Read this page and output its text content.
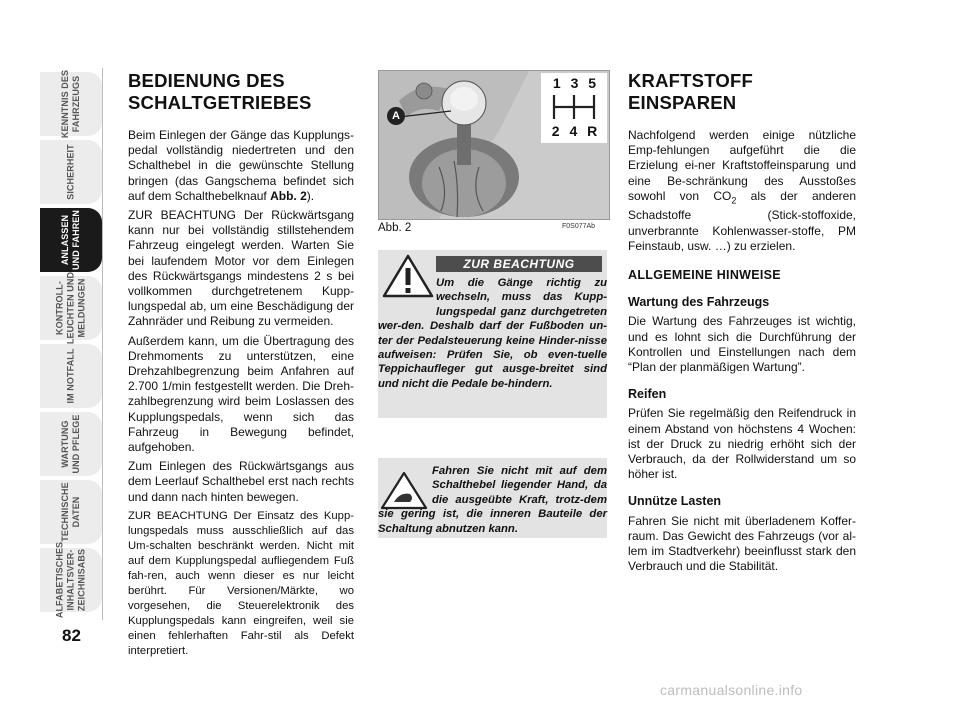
KENNTNIS DES
FAHRZEUGS
SICHERHEIT
ANLASSEN
UND FAHREN
KONTROLL-
LEUCHTEN UND
MELDUNGEN
IM NOTFALL
WARTUNG
UND PFLEGE
TECHNISCHE
DATEN
ALFABETISCHES
INHALTSVER-
ZEICHNISABS
82
BEDIENUNG DES
SCHALTGETRIEBES

Beim Einlegen der Gänge das Kupplungs-pedal vollständig niedertreten und den Schalthebel in die gewünschte Stellung bringen (das Gangschema befindet sich auf dem Schalthebelknauf Abb. 2).

ZUR BEACHTUNG Der Rückwärtsgang kann nur bei vollständig stillstehendem Fahrzeug eingelegt werden. Warten Sie bei laufendem Motor vor dem Einlegen des Rückwärtsgangs mindestens 2 s bei vollkommen durchgetretenem Kupp-lungspedal ab, um eine Beschädigung der Zahnräder und Reibung zu vermeiden.

Außerdem kann, um die Übertragung des Drehmoments zu unterstützen, eine Drehzahlbegrenzung beim Anfahren auf 2.700 1/min festgestellt werden. Die Dreh-zahlbegrenzung wird beim Loslassen des Kupplungspedals, wenn sich das Fahrzeug in Bewegung befindet, aufgehoben.

Zum Einlegen des Rückwärtsgangs aus dem Leerlauf Schalthebel erst nach rechts und dann nach hinten bewegen.

ZUR BEACHTUNG Der Einsatz des Kupp-lungspedals muss ausschließlich auf das Um-schalten beschränkt werden. Nicht mit auf dem Kupplungspedal aufliegendem Fuß fah-ren, auch wenn dieser es nur leicht berührt. Für Versionen/Märkte, wo vorgesehen, die Steuerelektronik des Kupplungspedals kann eingreifen, weil sie einen fehlerhaften Fahr-stil als Defekt interpretiert.

1 3 5
2 4 R
A
Abb. 2	F0S077Ab
ZUR BEACHTUNG
Um die Gänge richtig zu wechseln, muss das Kupp-lungspedal ganz durchgetreten wer-den. Deshalb darf der Fußboden un-ter der Pedalsteuerung keine Hinder-nisse aufweisen: Prüfen Sie, ob even-tuelle Teppichaufleger gut ausge-breitet sind und nicht die Pedale be-hindern.
Fahren Sie nicht mit auf dem Schalthebel liegender Hand, da die ausgeübte Kraft, trotz-dem sie gering ist, die inneren Bauteile der Schaltung abnutzen kann.
KRAFTSTOFF
EINSPAREN

Nachfolgend werden einige nützliche Emp-fehlungen aufgeführt die die Erzielung ei-ner Kraftstoffeinsparung und eine Be-schränkung des Ausstoßes sowohl von $CO_2$ als der anderen Schadstoffe (Stick-stoffoxide, unverbrannte Kohlenwasser-stoffe, PM Feinstaub, usw. …) zu erzielen.

ALLGEMEINE HINWEISE
Wartung des Fahrzeugs

Die Wartung des Fahrzeuges ist wichtig, und es lohnt sich die Durchführung der Kontrollen und Einstellungen nach dem “Plan der planmäßigen Wartung”.

Reifen

Prüfen Sie regelmäßig den Reifendruck in einem Abstand von höchstens 4 Wochen: ist der Druck zu niedrig erhöht sich der Verbrauch, da der Rollwiderstand um so höher ist.

Unnütze Lasten

Fahren Sie nicht mit überladenem Koffer-raum. Das Gewicht des Fahrzeugs (vor al-lem im Stadtverkehr) beeinflusst stark den Verbrauch und die Stabilität.

carmanualsonline.info
